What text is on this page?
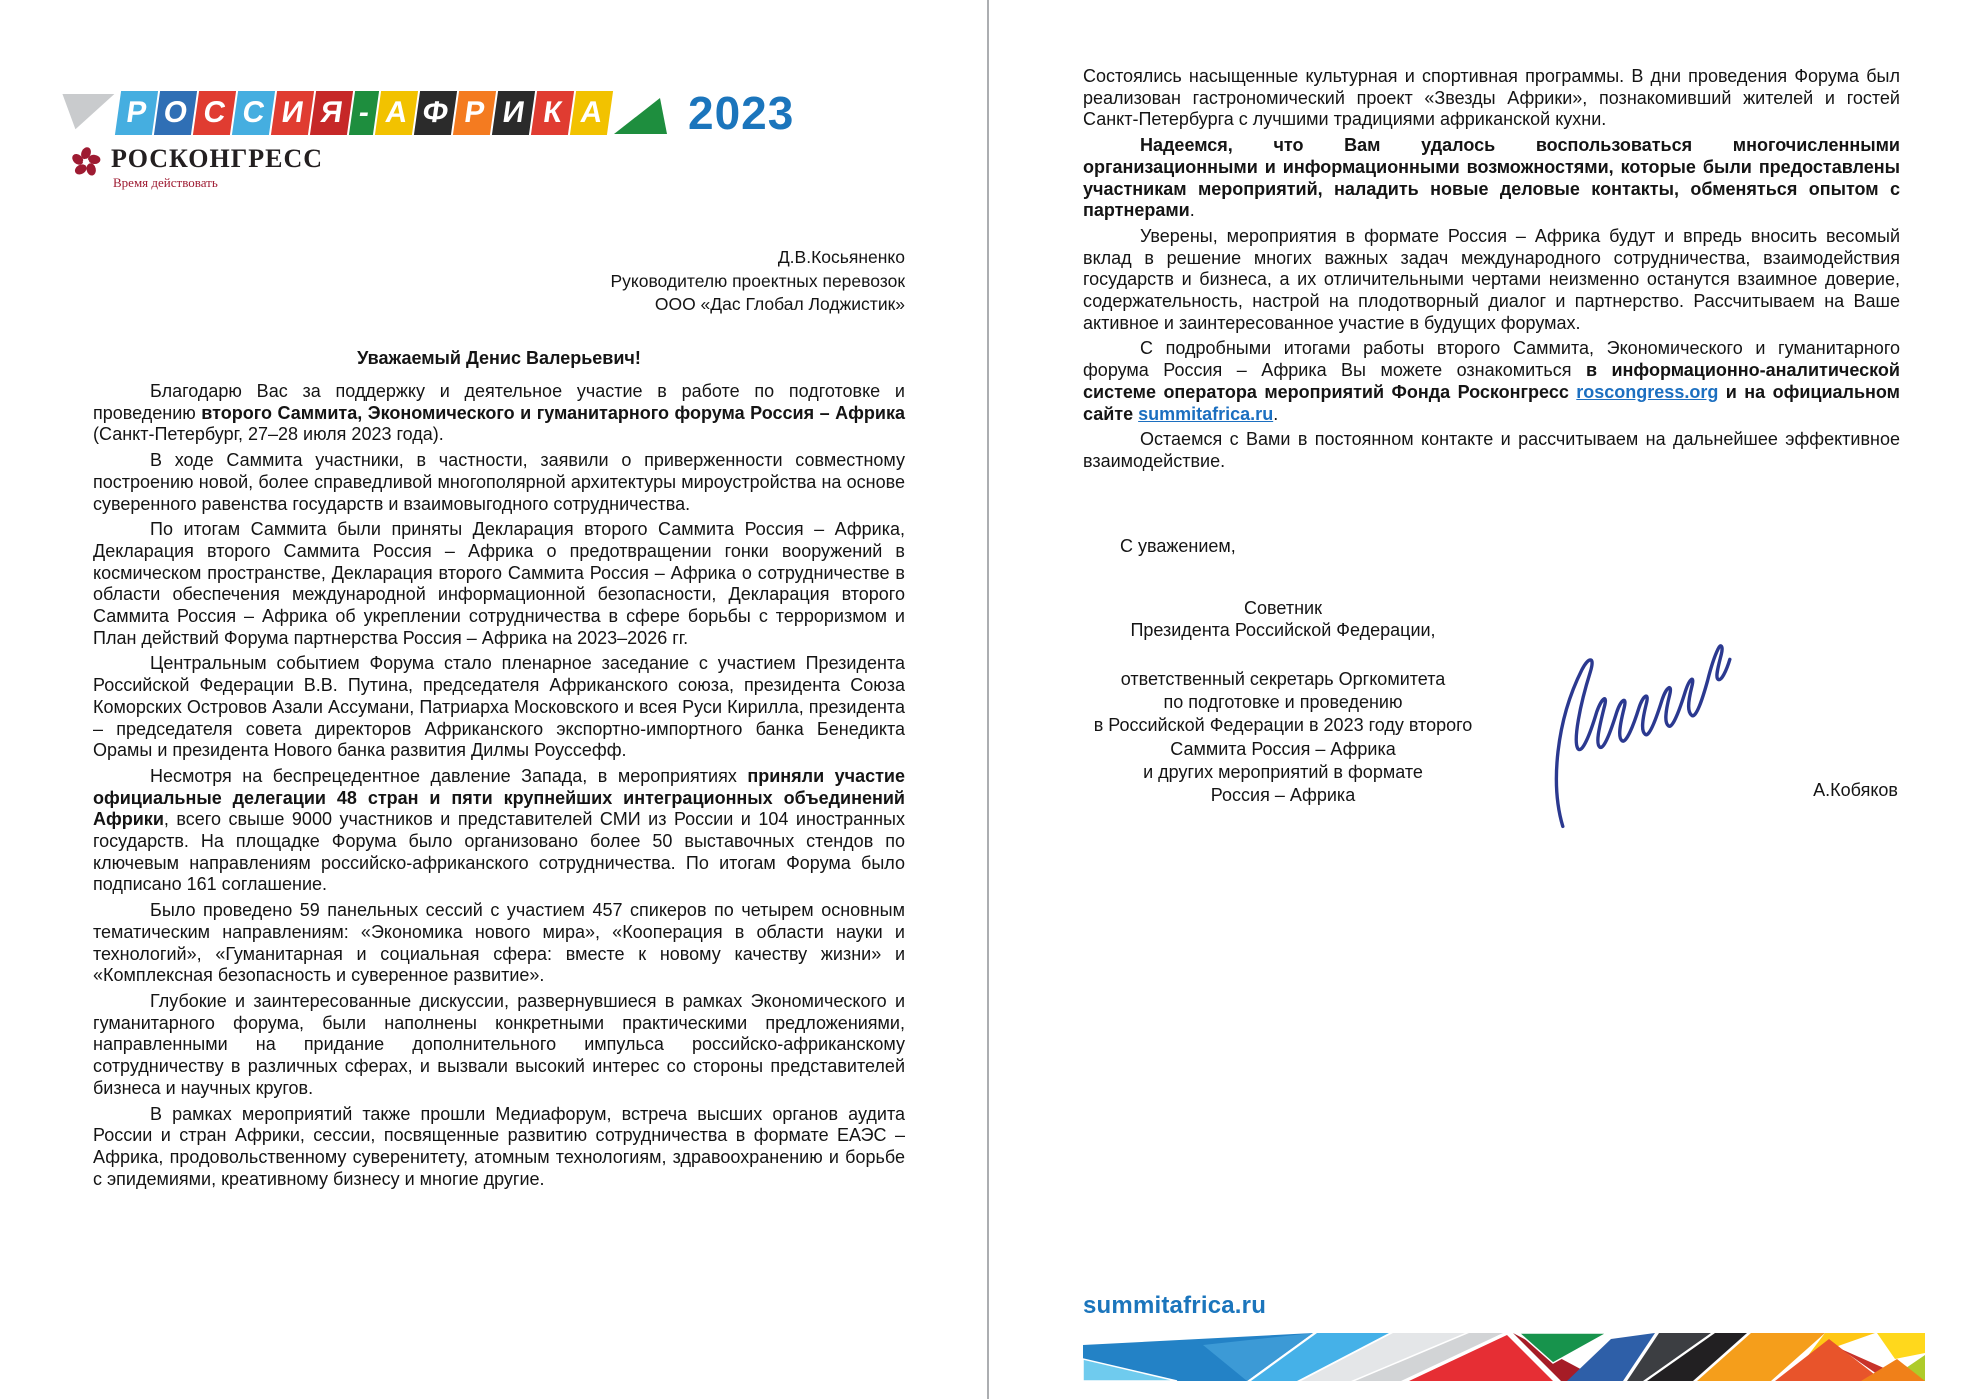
Р О С С И Я - А Ф Р И К А 2023
РОСКОНГРЕСС
Время действовать
Д.В.Косьяненко
Руководителю проектных перевозок
ООО «Дас Глобал Лоджистик»
Уважаемый Денис Валерьевич!

Благодарю Вас за поддержку и деятельное участие в работе по подготовке и проведению второго Саммита, Экономического и гуманитарного форума Россия – Африка (Санкт-Петербург, 27–28 июля 2023 года).

В ходе Саммита участники, в частности, заявили о приверженности совместному построению новой, более справедливой многополярной архитектуры мироустройства на основе суверенного равенства государств и взаимовыгодного сотрудничества.

По итогам Саммита были приняты Декларация второго Саммита Россия – Африка, Декларация второго Саммита Россия – Африка о предотвращении гонки вооружений в космическом пространстве, Декларация второго Саммита Россия – Африка о сотрудничестве в области обеспечения международной информационной безопасности, Декларация второго Саммита Россия – Африка об укреплении сотрудничества в сфере борьбы с терроризмом и План действий Форума партнерства Россия – Африка на 2023–2026 гг.

Центральным событием Форума стало пленарное заседание с участием Президента Российской Федерации В.В. Путина, председателя Африканского союза, президента Союза Коморских Островов Азали Ассумани, Патриарха Московского и всея Руси Кирилла, президента – председателя совета директоров Африканского экспортно-импортного банка Бенедикта Орамы и президента Нового банка развития Дилмы Роуссефф.

Несмотря на беспрецедентное давление Запада, в мероприятиях приняли участие официальные делегации 48 стран и пяти крупнейших интеграционных объединений Африки, всего свыше 9000 участников и представителей СМИ из России и 104 иностранных государств. На площадке Форума было организовано более 50 выставочных стендов по ключевым направлениям российско-африканского сотрудничества. По итогам Форума было подписано 161 соглашение.

Было проведено 59 панельных сессий с участием 457 спикеров по четырем основным тематическим направлениям: «Экономика нового мира», «Кооперация в области науки и технологий», «Гуманитарная и социальная сфера: вместе к новому качеству жизни» и «Комплексная безопасность и суверенное развитие».

Глубокие и заинтересованные дискуссии, развернувшиеся в рамках Экономического и гуманитарного форума, были наполнены конкретными практическими предложениями, направленными на придание дополнительного импульса российско-африканскому сотрудничеству в различных сферах, и вызвали высокий интерес со стороны представителей бизнеса и научных кругов.

В рамках мероприятий также прошли Медиафорум, встреча высших органов аудита России и стран Африки, сессии, посвященные развитию сотрудничества в формате ЕАЭС – Африка, продовольственному суверенитету, атомным технологиям, здравоохранению и борьбе с эпидемиями, креативному бизнесу и многие другие.

Состоялись насыщенные культурная и спортивная программы. В дни проведения Форума был реализован гастрономический проект «Звезды Африки», познакомивший жителей и гостей Санкт-Петербурга с лучшими традициями африканской кухни.

Надеемся, что Вам удалось воспользоваться многочисленными организационными и информационными возможностями, которые были предоставлены участникам мероприятий, наладить новые деловые контакты, обменяться опытом с партнерами.

Уверены, мероприятия в формате Россия – Африка будут и впредь вносить весомый вклад в решение многих важных задач международного сотрудничества, взаимодействия государств и бизнеса, а их отличительными чертами неизменно останутся взаимное доверие, содержательность, настрой на плодотворный диалог и партнерство. Рассчитываем на Ваше активное и заинтересованное участие в будущих форумах.

С подробными итогами работы второго Саммита, Экономического и гуманитарного форума Россия – Африка Вы можете ознакомиться в информационно-аналитической системе оператора мероприятий Фонда Росконгресс roscongress.org и на официальном сайте summitafrica.ru.

Остаемся с Вами в постоянном контакте и рассчитываем на дальнейшее эффективное взаимодействие.

С уважением,
Советник
Президента Российской Федерации,
ответственный секретарь Оргкомитета
по подготовке и проведению
в Российской Федерации в 2023 году второго
Саммита Россия – Африка
и других мероприятий в формате
Россия – Африка	А.Кобяков
summitafrica.ru
